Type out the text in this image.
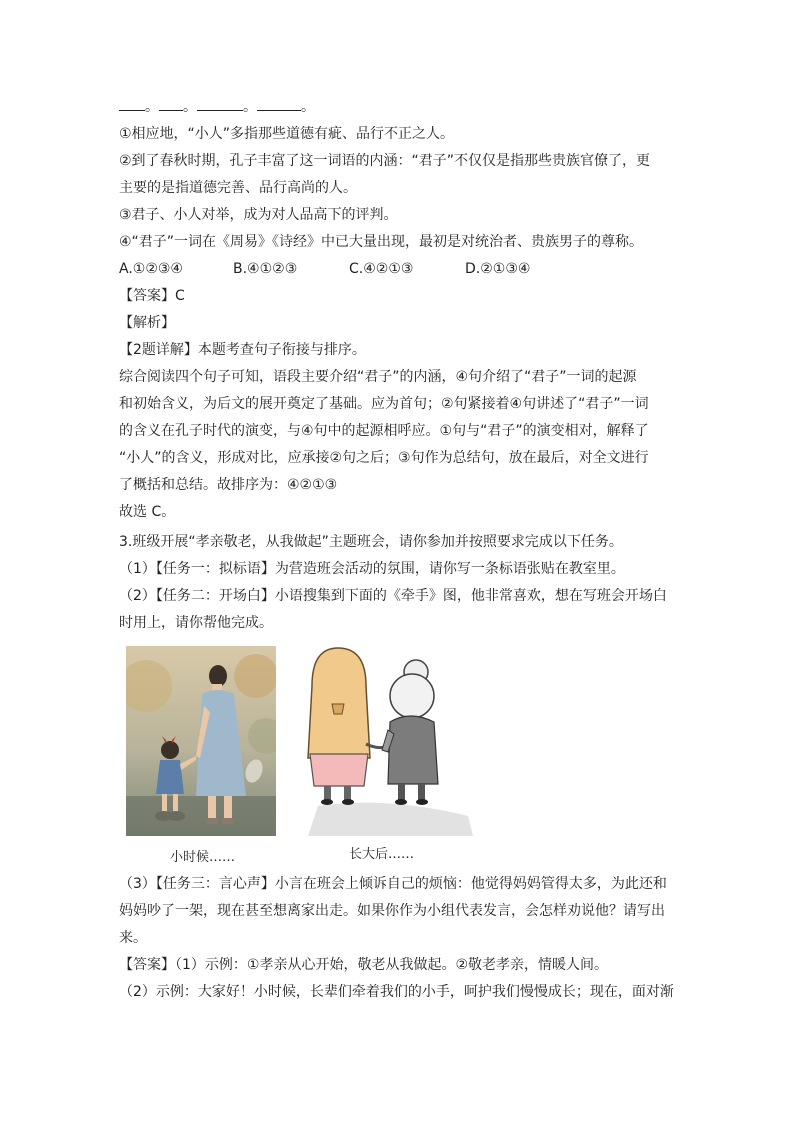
。 。	。	。
①相应地，“小人”多指那些道德有疵、品行不正之人。
②到了春秋时期，孔子丰富了这一词语的内涵：“君子”不仅仅是指那些贵族官僚了，更
主要的是指道德完善、品行高尚的人。
③君子、小人对举，成为对人品高下的评判。
④“君子”一词在《周易》《诗经》中已大量出现，最初是对统治者、贵族男子的尊称。
A.①②③④	B.④①②③	C.④②①③	D.②①③④
【答案】C
【解析】
【2题详解】本题考查句子衔接与排序。
综合阅读四个句子可知，语段主要介绍“君子”的内涵，④句介绍了“君子”一词的起源
和初始含义，为后文的展开奠定了基础。应为首句；②句紧接着④句讲述了“君子”一词
的含义在孔子时代的演变，与④句中的起源相呼应。①句与“君子”的演变相对，解释了
“小人”的含义，形成对比，应承接②句之后；③句作为总结句，放在最后，对全文进行
了概括和总结。故排序为：④②①③
故选 C。
3.班级开展“孝亲敬老，从我做起”主题班会，请你参加并按照要求完成以下任务。
（1）【任务一：拟标语】为营造班会活动的氛围，请你写一条标语张贴在教室里。
（2）【任务二：开场白】小语搜集到下面的《牵手》图，他非常喜欢，想在写班会开场白
时用上，请你帮他完成。
小时候……	长大后……
（3）【任务三：言心声】小言在班会上倾诉自己的烦恼：他觉得妈妈管得太多，为此还和
妈妈吵了一架，现在甚至想离家出走。如果你作为小组代表发言，会怎样劝说他？请写出
来。
【答案】（1）示例：①孝亲从心开始，敬老从我做起。②敬老孝亲，情暖人间。
（2）示例：大家好！小时候，长辈们牵着我们的小手，呵护我们慢慢成长；现在，面对渐
